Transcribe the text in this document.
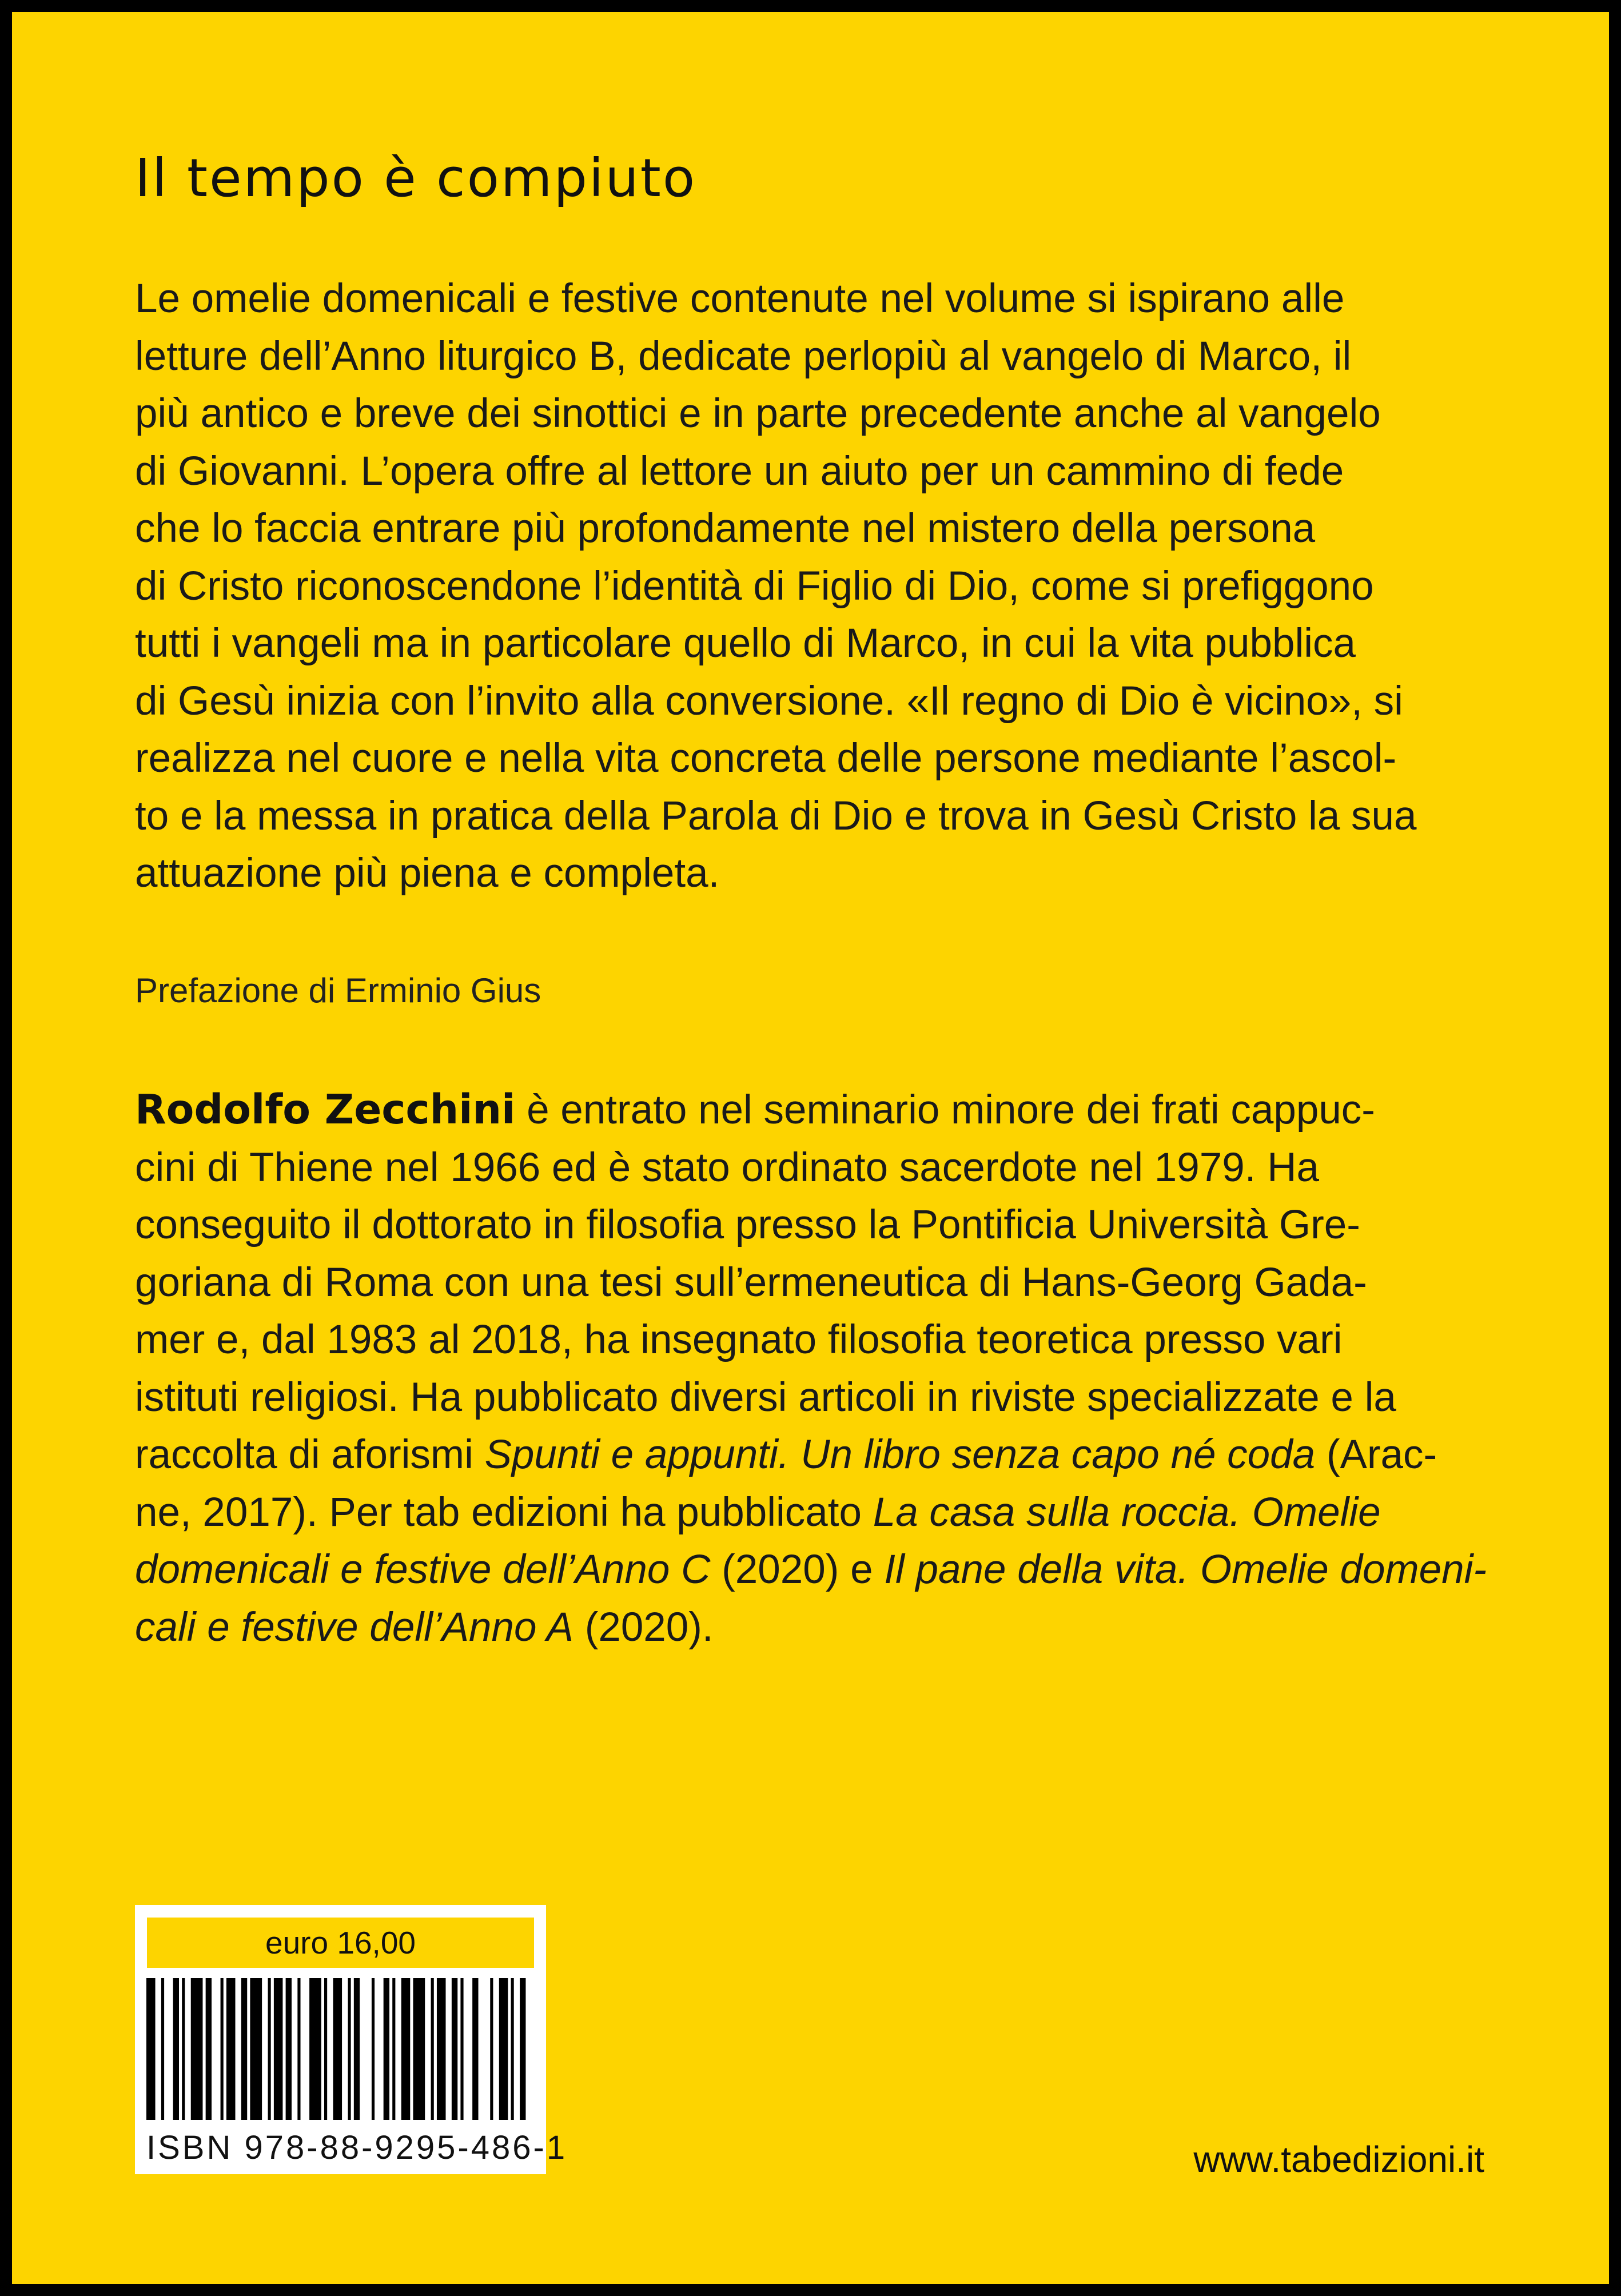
Il tempo è compiuto
Le omelie domenicali e festive contenute nel volume si ispirano alle
letture dell’Anno liturgico B, dedicate perlopiù al vangelo di Marco, il
più antico e breve dei sinottici e in parte precedente anche al vangelo
di Giovanni. L’opera offre al lettore un aiuto per un cammino di fede
che lo faccia entrare più profondamente nel mistero della persona
di Cristo riconoscendone l’identità di Figlio di Dio, come si prefiggono
tutti i vangeli ma in particolare quello di Marco, in cui la vita pubblica
di Gesù inizia con l’invito alla conversione. «Il regno di Dio è vicino», si
realizza nel cuore e nella vita concreta delle persone mediante l’ascol-
to e la messa in pratica della Parola di Dio e trova in Gesù Cristo la sua
attuazione più piena e completa.
Prefazione di Erminio Gius
Rodolfo Zecchini è entrato nel seminario minore dei frati cappuc-
cini di Thiene nel 1966 ed è stato ordinato sacerdote nel 1979. Ha
conseguito il dottorato in filosofia presso la Pontificia Università Gre-
goriana di Roma con una tesi sull’ermeneutica di Hans-Georg Gada-
mer e, dal 1983 al 2018, ha insegnato filosofia teoretica presso vari
istituti religiosi. Ha pubblicato diversi articoli in riviste specializzate e la
raccolta di aforismi Spunti e appunti. Un libro senza capo né coda (Arac-
ne, 2017). Per tab edizioni ha pubblicato La casa sulla roccia. Omelie
domenicali e festive dell’Anno C (2020) e Il pane della vita. Omelie domeni-
cali e festive dell’Anno A (2020).
euro 16,00
ISBN 978-88-9295-486-1	www.tabedizioni.it
